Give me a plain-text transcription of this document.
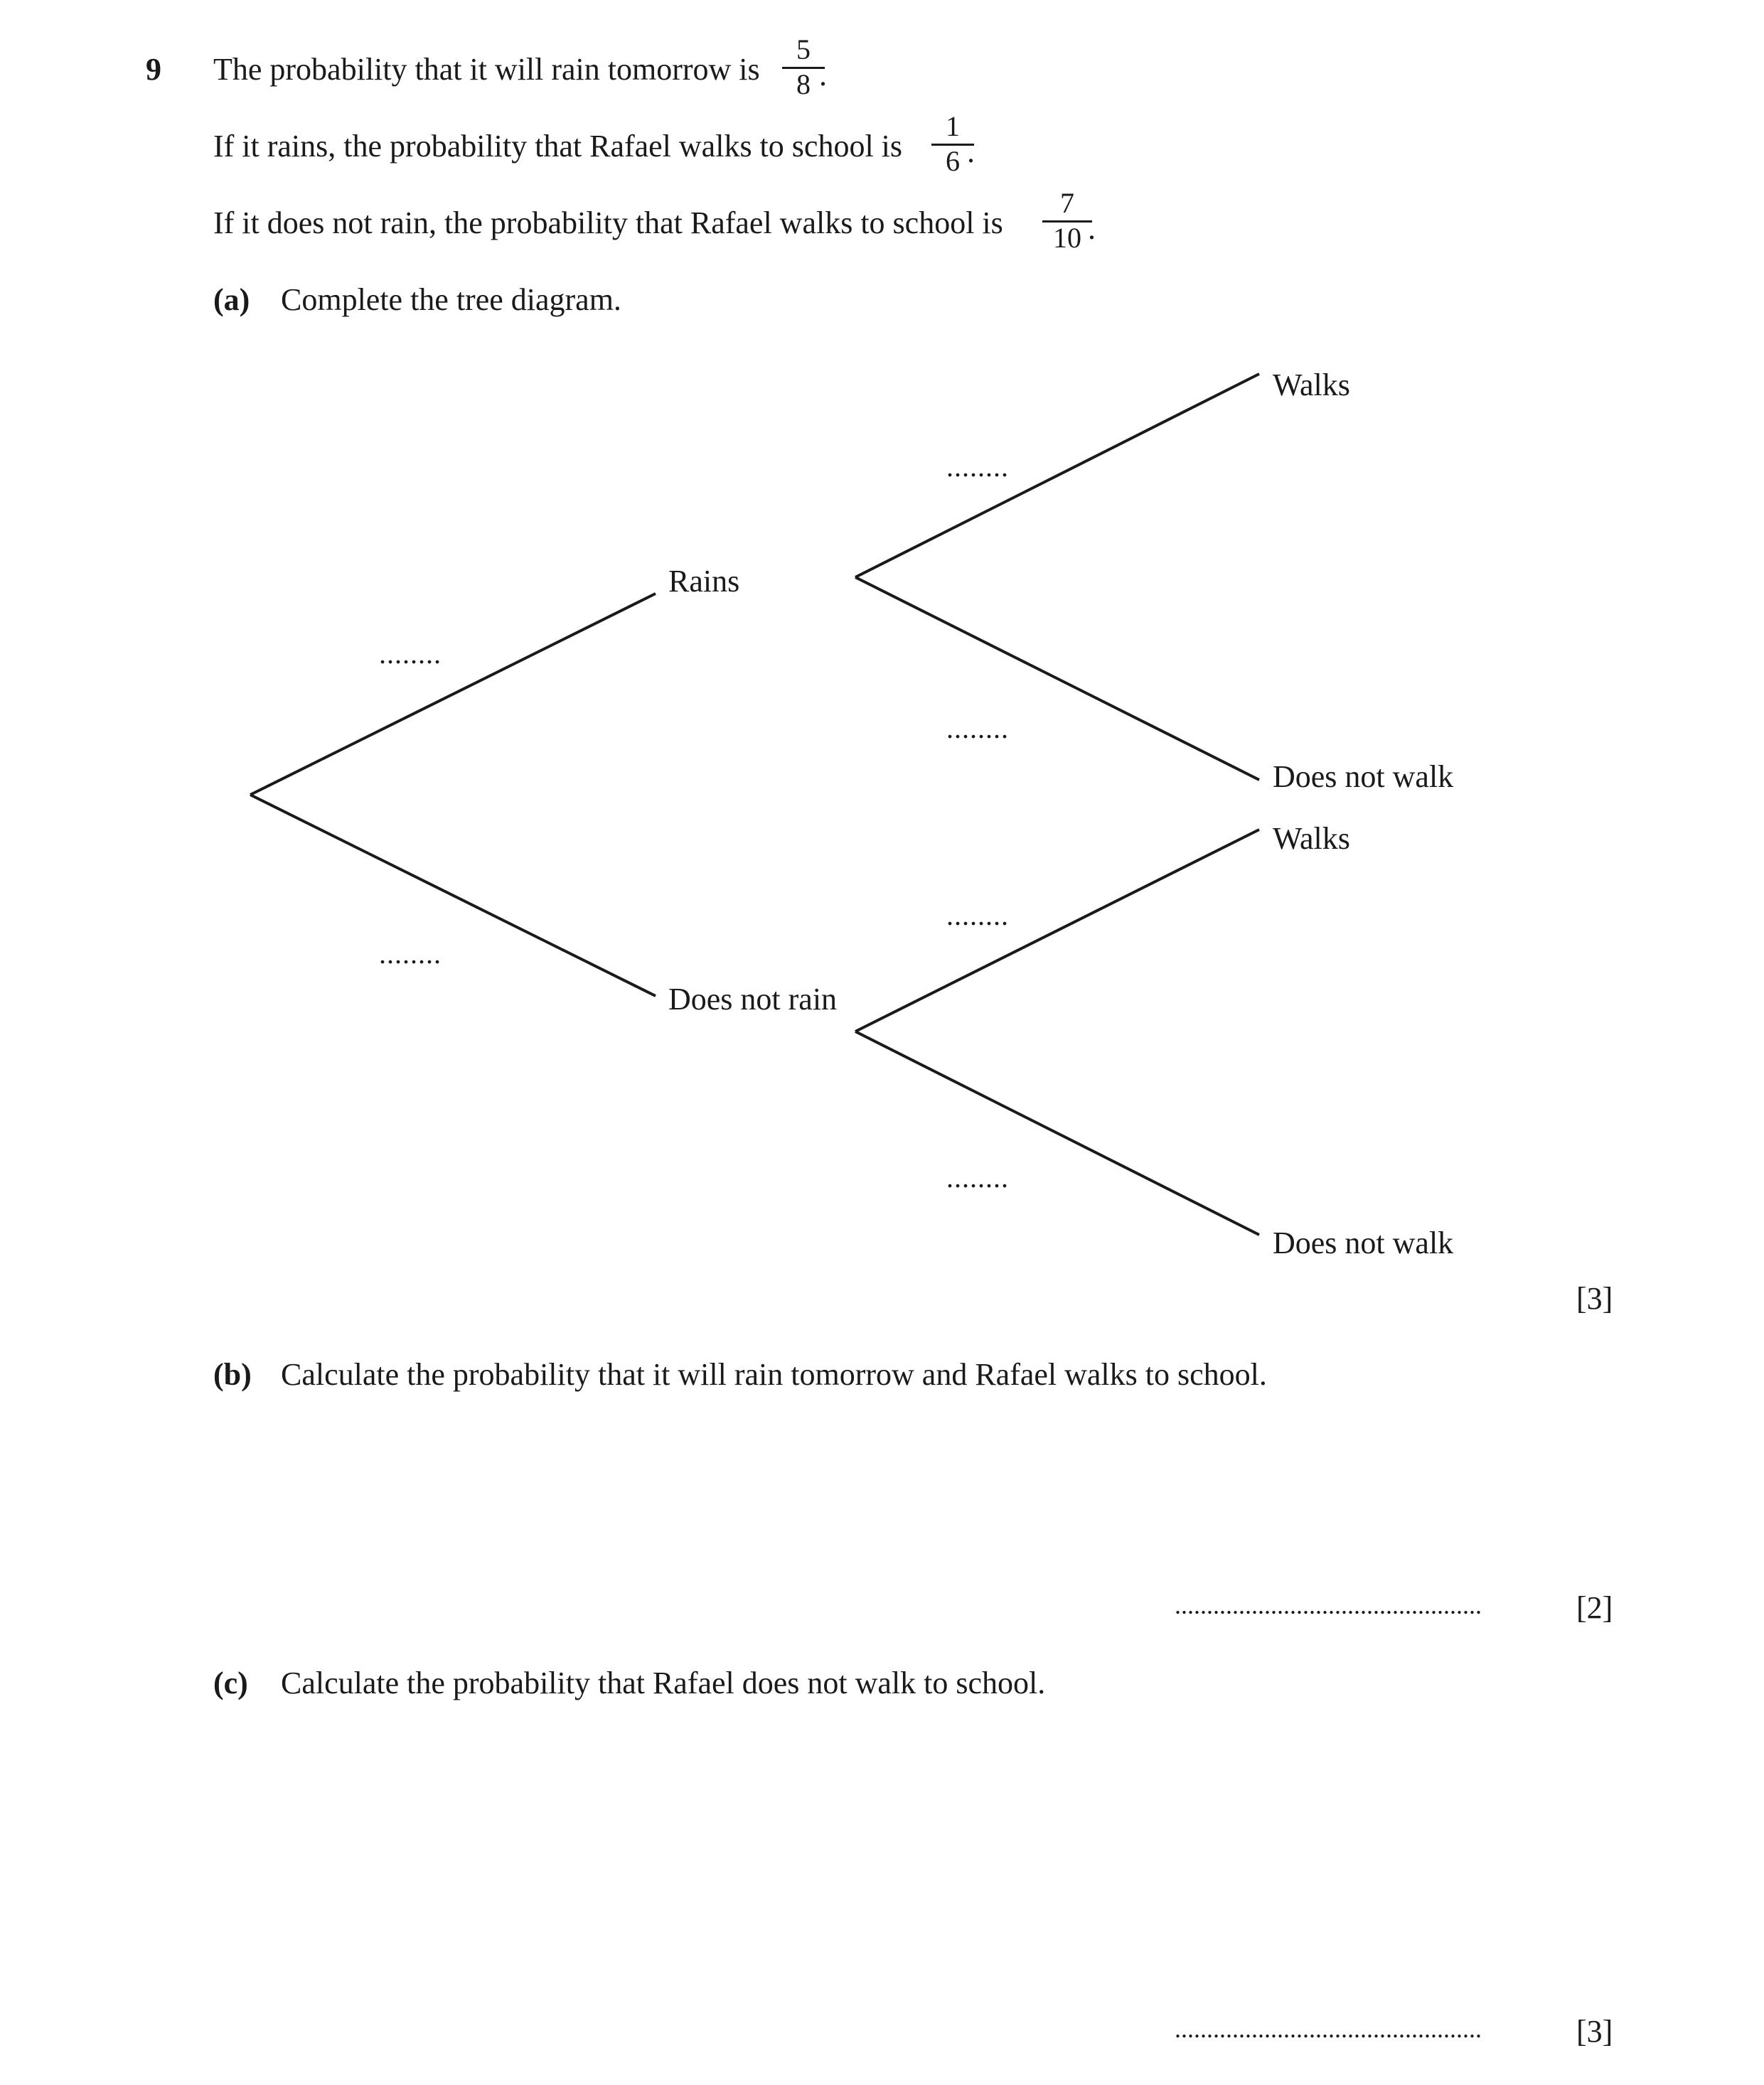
9 The probability that it will rain tomorrow is
5
8 .
If it rains, the probability that Rafael walks to school is
1
6 .
If it does not rain, the probability that Rafael walks to school is
7
10 .
(a) Complete the tree diagram.
Rains
Does not rain
Walks
Does not walk
Walks
Does not walk
........
........
........
........
........
........
[3]
(b) Calculate the probability that it will rain tomorrow and Rafael walks to school.
................................................	[2]
(c) Calculate the probability that Rafael does not walk to school.
................................................	[3]
